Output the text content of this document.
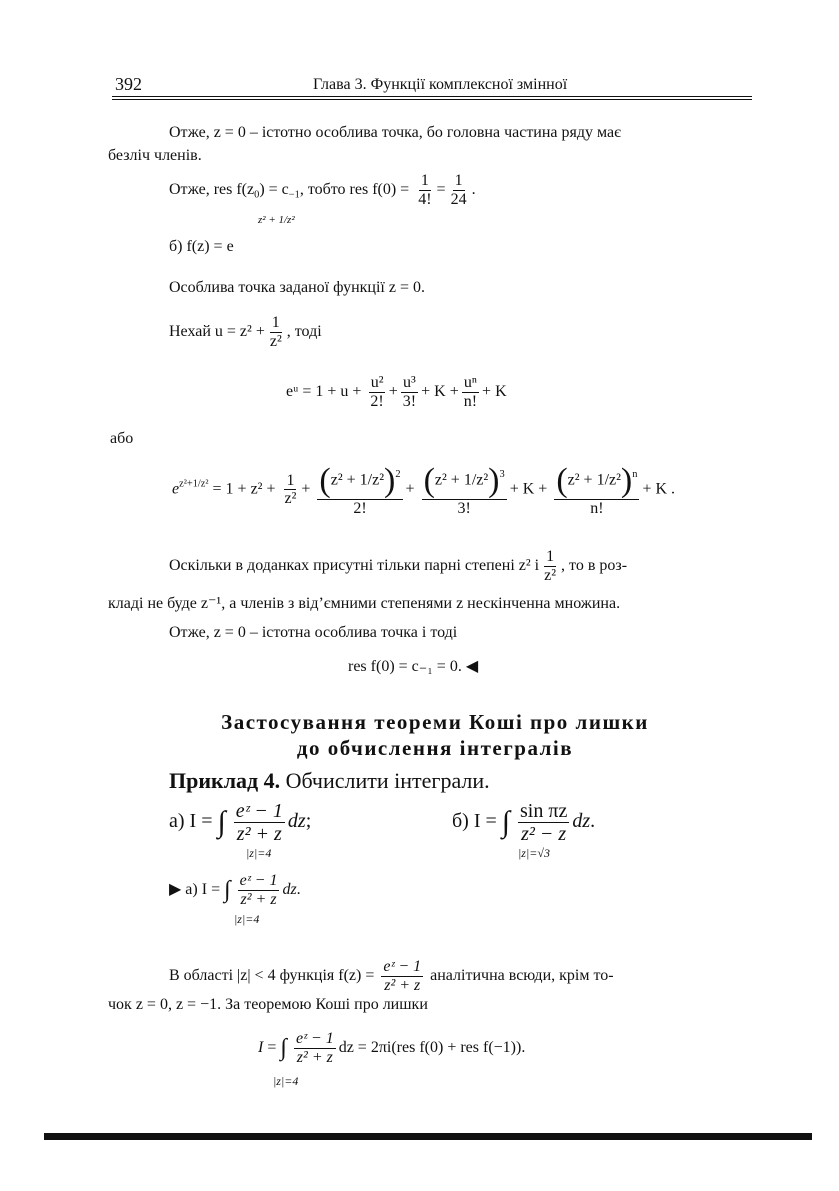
392	Глава 3. Функції комплексної змінної
Отже, z = 0 – істотно особлива точка, бо головна частина ряду має
безліч членів.
Отже, res $f(z_0) = c_{-1}$, тобто res $f(0) = \frac{1}{4!} = \frac{1}{24}$ .
б) f(z) = e
z² + 1/z²
Особлива точка заданої функції z = 0.
Нехай $u = z^2 + \frac{1}{\text{z²}}$ , тоді
eᵘ = $1 + u + \frac{\text{u²}}{2!} + \frac{\text{u³}}{3!} + K + \frac{\text{uⁿ}}{n!} + K$
або
$e^{z^2+1/z^2} = 1 + z^2 + \frac{1}{\text{z²}} + \frac{(z^2 + 1/z^2)^2}{2!} + \frac{(z^2 + 1/z^2)^3}{3!} + K + \frac{(z^2 + 1/z^2)^n}{n!} + K$ .
Оскільки в доданках присутні тільки парні степені z² і $\frac{1}{\text{z²}}$ , то в роз-
кладі не буде z⁻¹, а членів з від’ємними степенями z нескінченна множина.
Отже, z = 0 – істотна особлива точка і тоді
res f(0) = c₋₁ = 0. ◀
Застосування теореми Коші про лишки
до обчислення інтегралів
Приклад 4. Обчислити інтеграли.
а) I = ∫ $\frac{\text{eᶻ − 1}}{\text{z² + z}}$ dz;
|z|=4
б) I = ∫ $\frac{\text{sin πz}}{\text{z² − z}}$ dz.
|z|=√3
▶ а) I = ∫ $\frac{\text{eᶻ − 1}}{\text{z² + z}}$ dz.
|z|=4
В області |z| < 4 функція $f(z) = \frac{\text{eᶻ − 1}}{\text{z² + z}}$ аналітична всюди, крім то-
чок z = 0, z = −1. За теоремою Коші про лишки
I = ∫ $\frac{\text{eᶻ − 1}}{\text{z² + z}}$ dz = 2πi(res f(0) + res f(−1)).
|z|=4
